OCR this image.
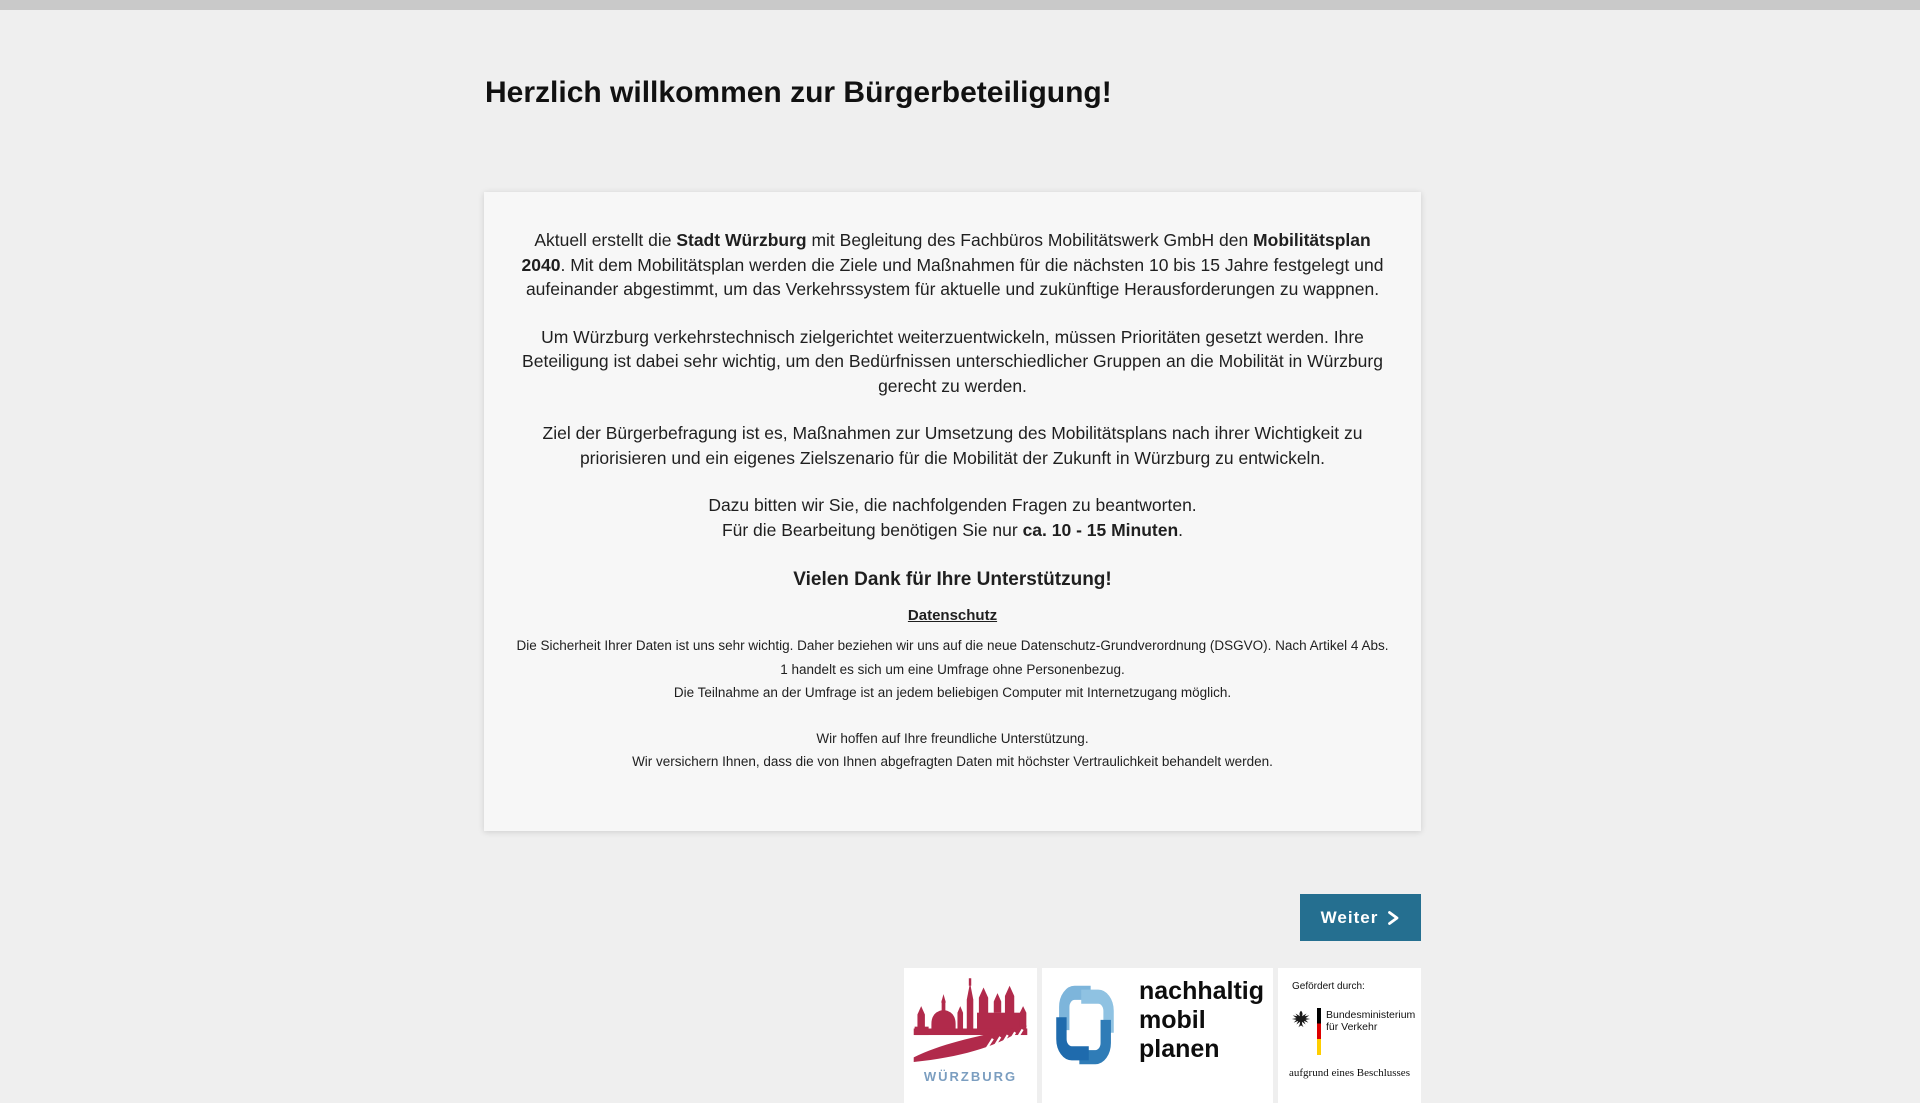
Herzlich willkommen zur Bürgerbeteiligung!

Aktuell erstellt die Stadt Würzburg mit Begleitung des Fachbüros Mobilitätswerk GmbH den Mobilitätsplan 2040. Mit dem Mobilitätsplan werden die Ziele und Maßnahmen für die nächsten 10 bis 15 Jahre festgelegt und aufeinander abgestimmt, um das Verkehrssystem für aktuelle und zukünftige Herausforderungen zu wappnen.

Um Würzburg verkehrstechnisch zielgerichtet weiterzuentwickeln, müssen Prioritäten gesetzt werden. Ihre Beteiligung ist dabei sehr wichtig, um den Bedürfnissen unterschiedlicher Gruppen an die Mobilität in Würzburg gerecht zu werden.

Ziel der Bürgerbefragung ist es, Maßnahmen zur Umsetzung des Mobilitätsplans nach ihrer Wichtigkeit zu priorisieren und ein eigenes Zielszenario für die Mobilität der Zukunft in Würzburg zu entwickeln.

Dazu bitten wir Sie, die nachfolgenden Fragen zu beantworten.
Für die Bearbeitung benötigen Sie nur ca. 10 - 15 Minuten.

Vielen Dank für Ihre Unterstützung!
Datenschutz
Die Sicherheit Ihrer Daten ist uns sehr wichtig. Daher beziehen wir uns auf die neue Datenschutz-Grundverordnung (DSGVO). Nach Artikel 4 Abs. 1 handelt es sich um eine Umfrage ohne Personenbezug.
Die Teilnahme an der Umfrage ist an jedem beliebigen Computer mit Internetzugang möglich.
Wir hoffen auf Ihre freundliche Unterstützung.
Wir versichern Ihnen, dass die von Ihnen abgefragten Daten mit höchster Vertraulichkeit behandelt werden.
Weiter
WÜRZBURG
nachhaltig
mobil
planen
Gefördert durch:
Bundesministerium
für Verkehr
aufgrund eines Beschlusses
